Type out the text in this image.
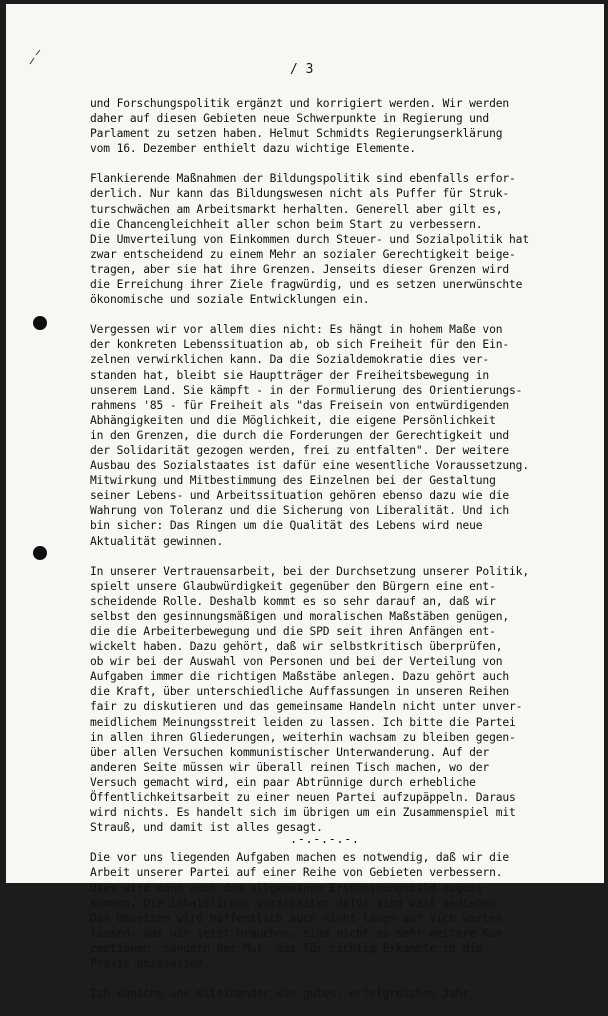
/ 3
und Forschungspolitik ergänzt und korrigiert werden. Wir werden
daher auf diesen Gebieten neue Schwerpunkte in Regierung und
Parlament zu setzen haben. Helmut Schmidts Regierungserklärung
vom 16. Dezember enthielt dazu wichtige Elemente.
Flankierende Maßnahmen der Bildungspolitik sind ebenfalls erfor-
derlich. Nur kann das Bildungswesen nicht als Puffer für Struk-
turschwächen am Arbeitsmarkt herhalten. Generell aber gilt es,
die Chancengleichheit aller schon beim Start zu verbessern.
Die Umverteilung von Einkommen durch Steuer- und Sozialpolitik hat
zwar entscheidend zu einem Mehr an sozialer Gerechtigkeit beige-
tragen, aber sie hat ihre Grenzen. Jenseits dieser Grenzen wird
die Erreichung ihrer Ziele fragwürdig, und es setzen unerwünschte
ökonomische und soziale Entwicklungen ein.
Vergessen wir vor allem dies nicht: Es hängt in hohem Maße von
der konkreten Lebenssituation ab, ob sich Freiheit für den Ein-
zelnen verwirklichen kann. Da die Sozialdemokratie dies ver-
standen hat, bleibt sie Hauptträger der Freiheitsbewegung in
unserem Land. Sie kämpft - in der Formulierung des Orientierungs-
rahmens '85 - für Freiheit als "das Freisein von entwürdigenden
Abhängigkeiten und die Möglichkeit, die eigene Persönlichkeit
in den Grenzen, die durch die Forderungen der Gerechtigkeit und
der Solidarität gezogen werden, frei zu entfalten". Der weitere
Ausbau des Sozialstaates ist dafür eine wesentliche Voraussetzung.
Mitwirkung und Mitbestimmung des Einzelnen bei der Gestaltung
seiner Lebens- und Arbeitssituation gehören ebenso dazu wie die
Wahrung von Toleranz und die Sicherung von Liberalität. Und ich
bin sicher: Das Ringen um die Qualität des Lebens wird neue
Aktualität gewinnen.
In unserer Vertrauensarbeit, bei der Durchsetzung unserer Politik,
spielt unsere Glaubwürdigkeit gegenüber den Bürgern eine ent-
scheidende Rolle. Deshalb kommt es so sehr darauf an, daß wir
selbst den gesinnungsmäßigen und moralischen Maßstäben genügen,
die die Arbeiterbewegung und die SPD seit ihren Anfängen ent-
wickelt haben. Dazu gehört, daß wir selbstkritisch überprüfen,
ob wir bei der Auswahl von Personen und bei der Verteilung von
Aufgaben immer die richtigen Maßstäbe anlegen. Dazu gehört auch
die Kraft, über unterschiedliche Auffassungen in unseren Reihen
fair zu diskutieren und das gemeinsame Handeln nicht unter unver-
meidlichem Meinungsstreit leiden zu lassen. Ich bitte die Partei
in allen ihren Gliederungen, weiterhin wachsam zu bleiben gegen-
über allen Versuchen kommunistischer Unterwanderung. Auf der
anderen Seite müssen wir überall reinen Tisch machen, wo der
Versuch gemacht wird, ein paar Abtrünnige durch erhebliche
Öffentlichkeitsarbeit zu einer neuen Partei aufzupäppeln. Daraus
wird nichts. Es handelt sich im übrigen um ein Zusammenspiel mit
Strauß, und damit ist alles gesagt.
Die vor uns liegenden Aufgaben machen es notwendig, daß wir die
Arbeit unserer Partei auf einer Reihe von Gebieten verbessern.
Dies wird dann auch dem allgemeinen Erscheinungsbild zugute
kommen. Die inhaltlichen Vorarbeiten dafür sind weit gediehen.
Das Umsetzen wird hoffentlich auch nicht lange auf sich warten
lassen. Was wir jetzt brauchen, sind nicht so sehr weitere Kon-
zeptionen, sondern der Mut, das für richtig Erkannte in die
Praxis umzusetzen.
Ich wünsche uns miteinander ein gutes, erfolgreiches Jahr.
.-.-.-.-.
